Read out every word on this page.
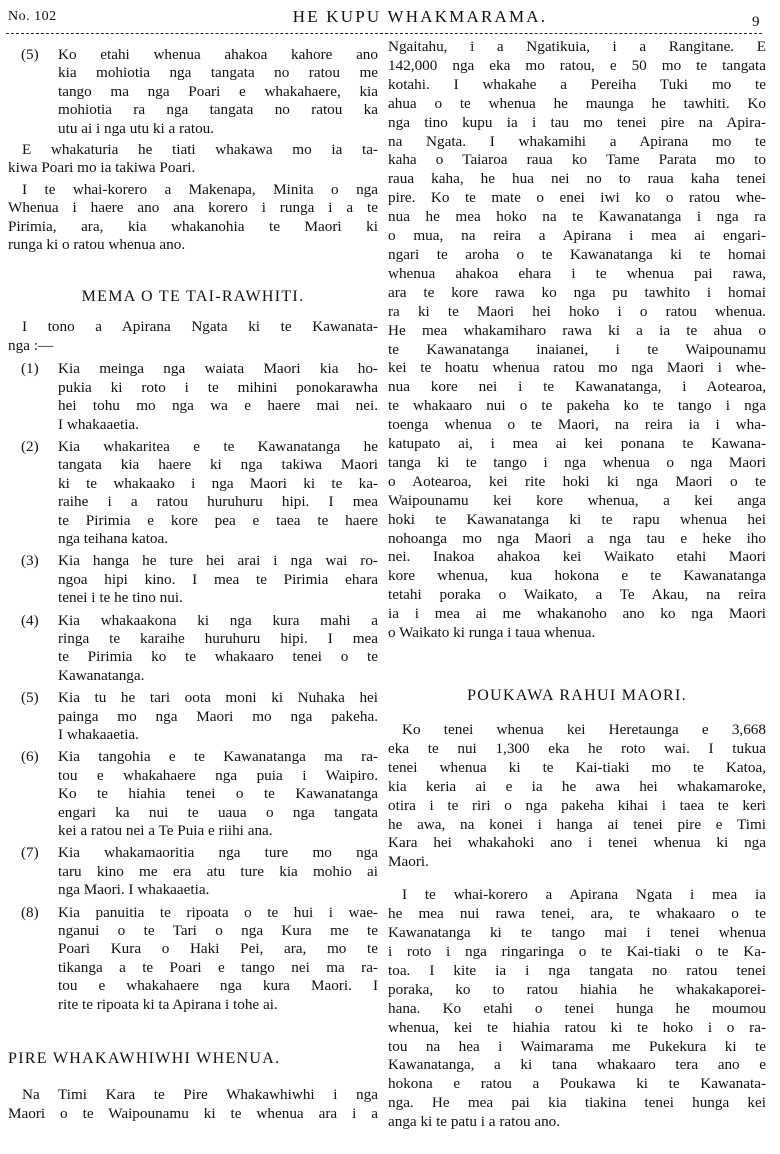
No. 102	HE KUPU WHAKMARAMA.	9
(5) Ko etahi whenua ahakoa kahore ano
kia mohiotia nga tangata no ratou me
tango ma nga Poari e whakahaere, kia
mohiotia ra nga tangata no ratou ka
utu ai i nga utu ki a ratou.
E whakaturia he tiati whakawa mo ia ta-
kiwa Poari mo ia takiwa Poari.
I te whai-korero a Makenapa, Minita o nga
Whenua i haere ano ana korero i runga i a te
Pirimia, ara, kia whakanohia te Maori ki
runga ki o ratou whenua ano.
MEMA O TE TAI-RAWHITI.
I tono a Apirana Ngata ki te Kawanata-
nga :—
(1) Kia meinga nga waiata Maori kia ho-
pukia ki roto i te mihini ponokarawha
hei tohu mo nga wa e haere mai nei.
I whakaaetia.
(2) Kia whakaritea e te Kawanatanga he
tangata kia haere ki nga takiwa Maori
ki te whakaako i nga Maori ki te ka-
raihe i a ratou huruhuru hipi. I mea
te Pirimia e kore pea e taea te haere
nga teihana katoa.
(3) Kia hanga he ture hei arai i nga wai ro-
ngoa hipi kino. I mea te Pirimia ehara
tenei i te he tino nui.
(4) Kia whakaakona ki nga kura mahi a
ringa te karaihe huruhuru hipi. I mea
te Pirimia ko te whakaaro tenei o te
Kawanatanga.
(5) Kia tu he tari oota moni ki Nuhaka hei
painga mo nga Maori mo nga pakeha.
I whakaaetia.
(6) Kia tangohia e te Kawanatanga ma ra-
tou e whakahaere nga puia i Waipiro.
Ko te hiahia tenei o te Kawanatanga
engari ka nui te uaua o nga tangata
kei a ratou nei a Te Puia e riihi ana.
(7) Kia whakamaoritia nga ture mo nga
taru kino me era atu ture kia mohio ai
nga Maori. I whakaaetia.
(8) Kia panuitia te ripoata o te hui i wae-
nganui o te Tari o nga Kura me te
Poari Kura o Haki Pei, ara, mo te
tikanga a te Poari e tango nei ma ra-
tou e whakahaere nga kura Maori. I
rite te ripoata ki ta Apirana i tohe ai.
PIRE WHAKAWHIWHI WHENUA.
Na Timi Kara te Pire Whakawhiwhi i nga
Maori o te Waipounamu ki te whenua ara i a
Ngaitahu, i a Ngatikuia, i a Rangitane. E
142,000 nga eka mo ratou, e 50 mo te tangata
kotahi. I whakahe a Pereiha Tuki mo te
ahua o te whenua he maunga he tawhiti. Ko
nga tino kupu ia i tau mo tenei pire na Apira-
na Ngata. I whakamihi a Apirana mo te
kaha o Taiaroa raua ko Tame Parata mo to
raua kaha, he hua nei no to raua kaha tenei
pire. Ko te mate o enei iwi ko o ratou whe-
nua he mea hoko na te Kawanatanga i nga ra
o mua, na reira a Apirana i mea ai engari-
ngari te aroha o te Kawanatanga ki te homai
whenua ahakoa ehara i te whenua pai rawa,
ara te kore rawa ko nga pu tawhito i homai
ra ki te Maori hei hoko i o ratou whenua.
He mea whakamiharo rawa ki a ia te ahua o
te Kawanatanga inaianei, i te Waipounamu
kei te hoatu whenua ratou mo nga Maori i whe-
nua kore nei i te Kawanatanga, i Aotearoa,
te whakaaro nui o te pakeha ko te tango i nga
toenga whenua o te Maori, na reira ia i wha-
katupato ai, i mea ai kei ponana te Kawana-
tanga ki te tango i nga whenua o nga Maori
o Aotearoa, kei rite hoki ki nga Maori o te
Waipounamu kei kore whenua, a kei anga
hoki te Kawanatanga ki te rapu whenua hei
nohoanga mo nga Maori a nga tau e heke iho
nei. Inakoa ahakoa kei Waikato etahi Maori
kore whenua, kua hokona e te Kawanatanga
tetahi poraka o Waikato, a Te Akau, na reira
ia i mea ai me whakanoho ano ko nga Maori
o Waikato ki runga i taua whenua.
POUKAWA RAHUI MAORI.
Ko tenei whenua kei Heretaunga e 3,668
eka te nui 1,300 eka he roto wai. I tukua
tenei whenua ki te Kai-tiaki mo te Katoa,
kia keria ai e ia he awa hei whakamaroke,
otira i te riri o nga pakeha kihai i taea te keri
he awa, na konei i hanga ai tenei pire e Timi
Kara hei whakahoki ano i tenei whenua ki nga
Maori.
I te whai-korero a Apirana Ngata i mea ia
he mea nui rawa tenei, ara, te whakaaro o te
Kawanatanga ki te tango mai i tenei whenua
i roto i nga ringaringa o te Kai-tiaki o te Ka-
toa. I kite ia i nga tangata no ratou tenei
poraka, ko to ratou hiahia he whakakaporei-
hana. Ko etahi o tenei hunga he moumou
whenua, kei te hiahia ratou ki te hoko i o ra-
tou na hea i Waimarama me Pukekura ki te
Kawanatanga, a ki tana whakaaro tera ano e
hokona e ratou a Poukawa ki te Kawanata-
nga. He mea pai kia tiakina tenei hunga kei
anga ki te patu i a ratou ano.
